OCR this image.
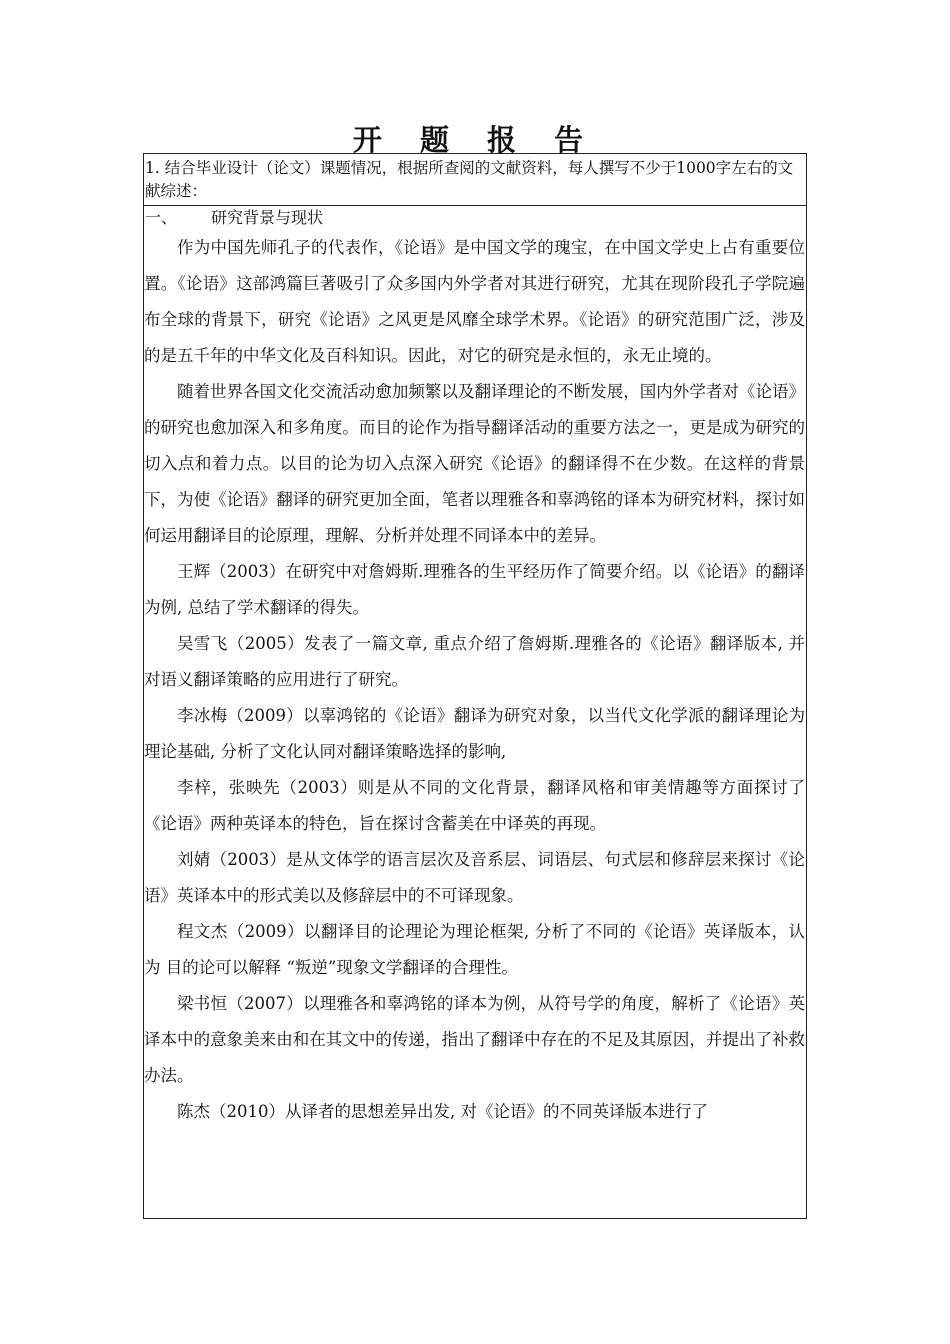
开 题 报 告
1. 结合毕业设计（论文）课题情况，根据所查阅的文献资料，每人撰写不少于1000字左右的文献综述：
一、 研究背景与现状

作为中国先师孔子的代表作，《论语》是中国文学的瑰宝，在中国文学史上占有重要位置。《论语》这部鸿篇巨著吸引了众多国内外学者对其进行研究，尤其在现阶段孔子学院遍布全球的背景下，研究《论语》之风更是风靡全球学术界。《论语》的研究范围广泛，涉及的是五千年的中华文化及百科知识。因此，对它的研究是永恒的，永无止境的。

随着世界各国文化交流活动愈加频繁以及翻译理论的不断发展，国内外学者对《论语》的研究也愈加深入和多角度。而目的论作为指导翻译活动的重要方法之一，更是成为研究的切入点和着力点。以目的论为切入点深入研究《论语》的翻译得不在少数。在这样的背景下，为使《论语》翻译的研究更加全面，笔者以理雅各和辜鸿铭的译本为研究材料，探讨如何运用翻译目的论原理，理解、分析并处理不同译本中的差异。

王辉（2003）在研究中对詹姆斯.理雅各的生平经历作了简要介绍。以《论语》的翻译为例, 总结了学术翻译的得失。

吴雪飞（2005）发表了一篇文章, 重点介绍了詹姆斯.理雅各的《论语》翻译版本, 并对语义翻译策略的应用进行了研究。

李冰梅（2009）以辜鸿铭的《论语》翻译为研究对象，以当代文化学派的翻译理论为理论基础, 分析了文化认同对翻译策略选择的影响,

李梓，张映先（2003）则是从不同的文化背景，翻译风格和审美情趣等方面探讨了《论语》两种英译本的特色，旨在探讨含蓄美在中译英的再现。

刘婧（2003）是从文体学的语言层次及音系层、词语层、句式层和修辞层来探讨《论语》英译本中的形式美以及修辞层中的不可译现象。

程文杰（2009）以翻译目的论理论为理论框架, 分析了不同的《论语》英译版本，认为 目的论可以解释 “叛逆”现象文学翻译的合理性。

梁书恒（2007）以理雅各和辜鸿铭的译本为例，从符号学的角度，解析了《论语》英译本中的意象美来由和在其文中的传递，指出了翻译中存在的不足及其原因，并提出了补救办法。

陈杰（2010）从译者的思想差异出发, 对《论语》的不同英译版本进行了
